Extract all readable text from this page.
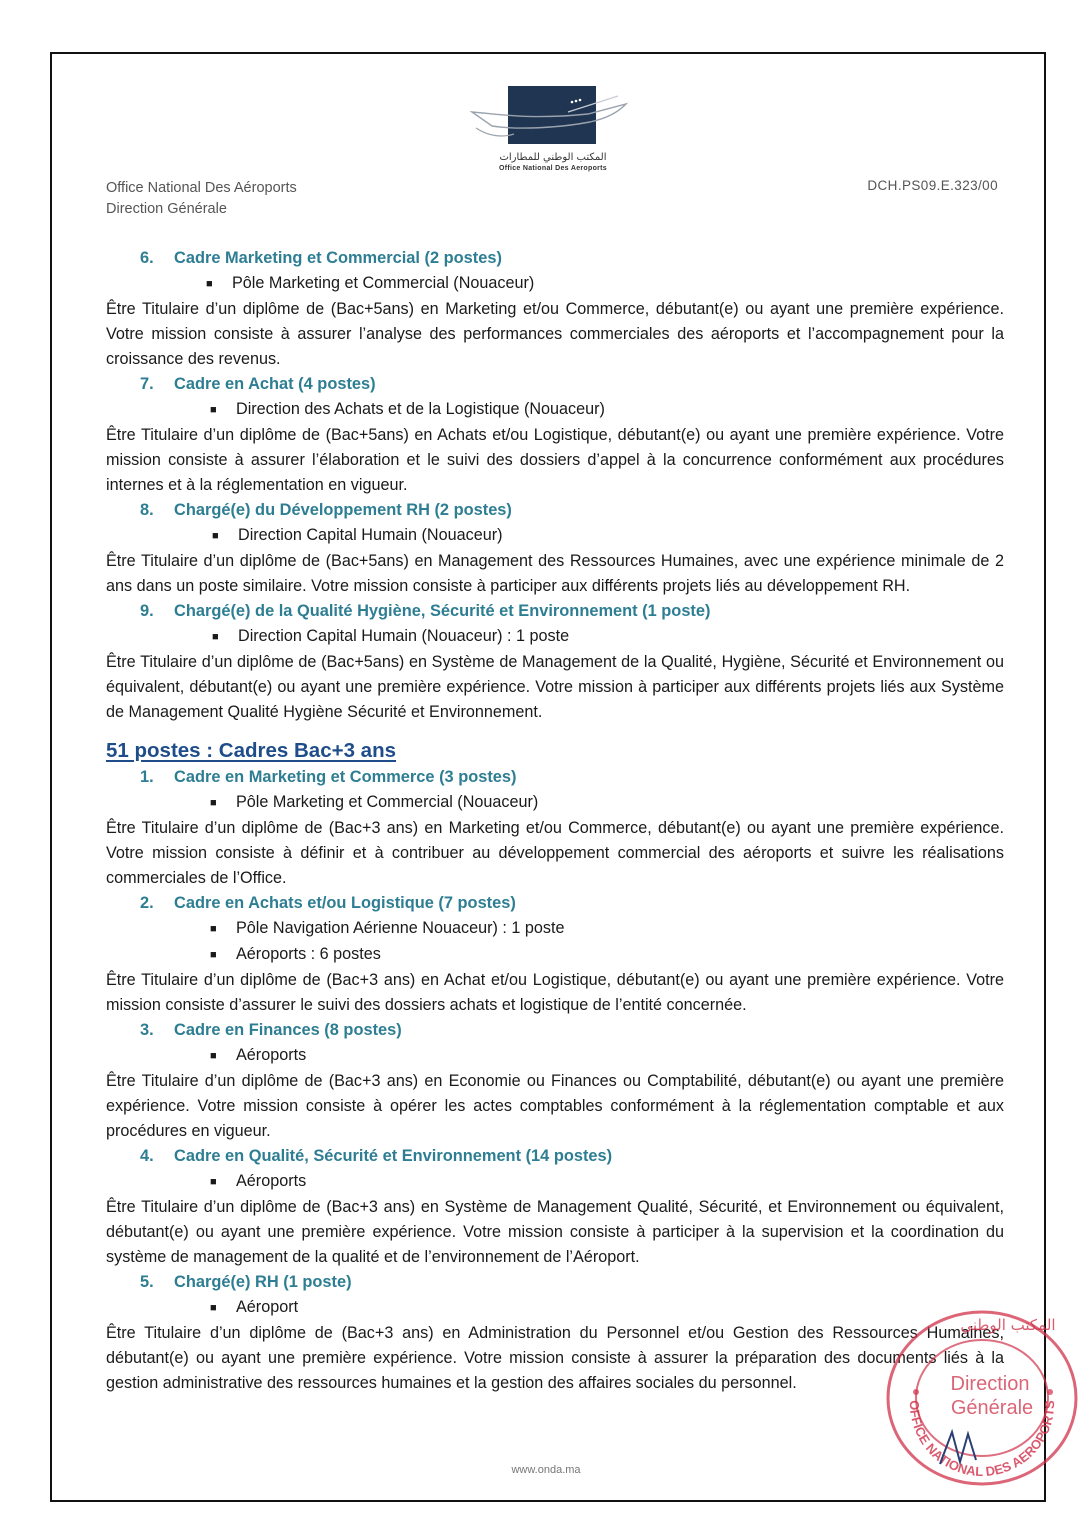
المكتب الوطني للمطارات
Office National Des Aeroports
Office National Des Aéroports
Direction Générale
DCH.PS09.E.323/00
6. Cadre Marketing et Commercial (2 postes)
■ Pôle Marketing et Commercial (Nouaceur)
Être Titulaire d’un diplôme de (Bac+5ans) en Marketing et/ou Commerce, débutant(e) ou ayant une première expérience. Votre mission consiste à assurer l’analyse des performances commerciales des aéroports et l’accompagnement pour la croissance des revenus.
7. Cadre en Achat (4 postes)
■ Direction des Achats et de la Logistique (Nouaceur)
Être Titulaire d’un diplôme de (Bac+5ans) en Achats et/ou Logistique, débutant(e) ou ayant une première expérience. Votre mission consiste à assurer l’élaboration et le suivi des dossiers d’appel à la concurrence conformément aux procédures internes et à la réglementation en vigueur.
8. Chargé(e) du Développement RH (2 postes)
■ Direction Capital Humain (Nouaceur)
Être Titulaire d’un diplôme de (Bac+5ans) en Management des Ressources Humaines, avec une expérience minimale de 2 ans dans un poste similaire. Votre mission consiste à participer aux différents projets liés au développement RH.
9. Chargé(e) de la Qualité Hygiène, Sécurité et Environnement (1 poste)
■ Direction Capital Humain (Nouaceur) : 1 poste
Être Titulaire d’un diplôme de (Bac+5ans) en Système de Management de la Qualité, Hygiène, Sécurité et Environnement ou équivalent, débutant(e) ou ayant une première expérience. Votre mission à participer aux différents projets liés aux Système de Management Qualité Hygiène Sécurité et Environnement.
51 postes : Cadres Bac+3 ans
1. Cadre en Marketing et Commerce (3 postes)
■ Pôle Marketing et Commercial (Nouaceur)
Être Titulaire d’un diplôme de (Bac+3 ans) en Marketing et/ou Commerce, débutant(e) ou ayant une première expérience. Votre mission consiste à définir et à contribuer au développement commercial des aéroports et suivre les réalisations commerciales de l’Office.
2. Cadre en Achats et/ou Logistique (7 postes)
■ Pôle Navigation Aérienne Nouaceur) : 1 poste
■ Aéroports : 6 postes
Être Titulaire d’un diplôme de (Bac+3 ans) en Achat et/ou Logistique, débutant(e) ou ayant une première expérience. Votre mission consiste d’assurer le suivi des dossiers achats et logistique de l’entité concernée.
3. Cadre en Finances (8 postes)
■ Aéroports
Être Titulaire d’un diplôme de (Bac+3 ans) en Economie ou Finances ou Comptabilité, débutant(e) ou ayant une première expérience. Votre mission consiste à opérer les actes comptables conformément à la réglementation comptable et aux procédures en vigueur.
4. Cadre en Qualité, Sécurité et Environnement (14 postes)
■ Aéroports
Être Titulaire d’un diplôme de (Bac+3 ans) en Système de Management Qualité, Sécurité, et Environnement ou équivalent, débutant(e) ou ayant une première expérience. Votre mission consiste à participer à la supervision et la coordination du système de management de la qualité et de l’environnement de l’Aéroport.
5. Chargé(e) RH (1 poste)
■ Aéroport
Être Titulaire d’un diplôme de (Bac+3 ans) en Administration du Personnel et/ou Gestion des Ressources Humaines, débutant(e) ou ayant une première expérience. Votre mission consiste à assurer la préparation des documents liés à la gestion administrative des ressources humaines et la gestion des affaires sociales du personnel.
المكتب الوطني
OFFICE NATIONAL DES AEROPORTS
Direction
Générale
www.onda.ma
